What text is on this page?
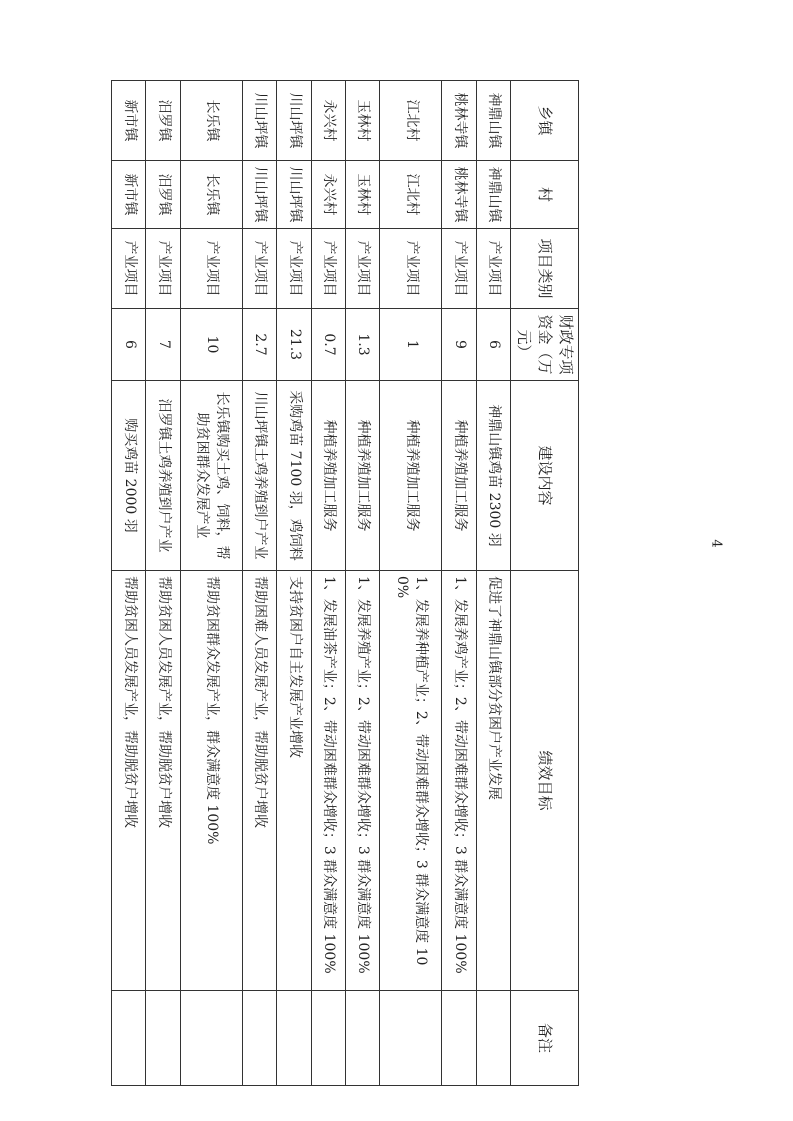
乡镇	村	项目类别	财政专项资金（万元）	建设内容	绩效目标	备注
神鼎山镇	神鼎山镇	产业项目	6	神鼎山镇鸡苗 2300 羽	促进了神鼎山镇部分贫困户产业发展	
桃林寺镇	桃林寺镇	产业项目	9	种植养殖加工服务	1、发展养鸡产业；2、带动困难群众增收；3 群众满意度 100%	
江北村	江北村	产业项目	1	种植养殖加工服务	1、发展养种植产业；2、带动困难群众增收；3 群众满意度 100%	
玉林村	玉林村	产业项目	1.3	种植养殖加工服务	1、发展养殖产业；2、带动困难群众增收；3 群众满意度 100%	
永兴村	永兴村	产业项目	0.7	种植养殖加工服务	1、发展油茶产业；2、带动困难群众增收；3 群众满意度 100%	
川山坪镇	川山坪镇	产业项目	21.3	采购鸡苗 7100 羽，鸡饲料	支持贫困户自主发展产业增收	
川山坪镇	川山坪镇	产业项目	2.7	川山坪镇土鸡养殖到户产业	帮助困难人员发展产业，帮助脱贫户增收	
长乐镇	长乐镇	产业项目	10	长乐镇购买土鸡、饲料，帮助贫困群众发展产业	帮助贫困群众发展产业，群众满意度 100%	
汨罗镇	汨罗镇	产业项目	7	汨罗镇土鸡养殖到户产业	帮助贫困人员发展产业，帮助脱贫户增收	
新市镇	新市镇	产业项目	6	购买鸡苗 2000 羽	帮助贫困人员发展产业，帮助脱贫户增收	
4
